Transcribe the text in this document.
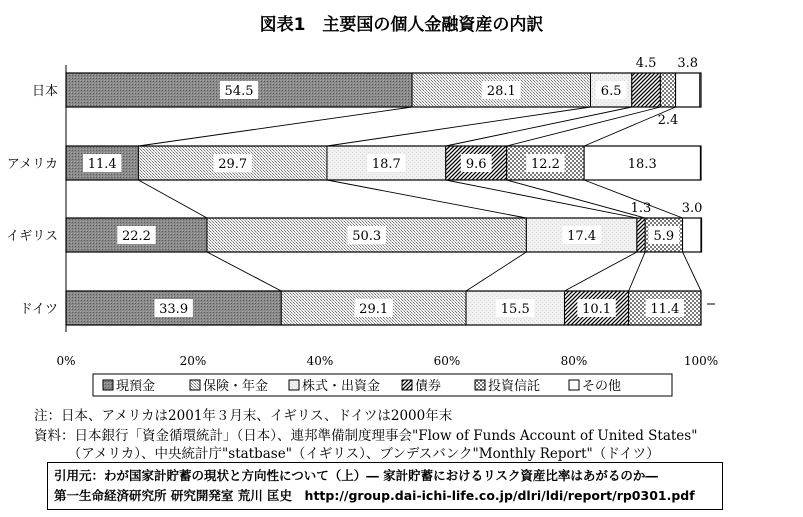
54.5	28.1	6.5
11.4	29.7	18.7	9.6	12.2	18.3
22.2	50.3	17.4	5.9
33.9	29.1	15.5	10.1	11.4
4.5
2.4
3.8
1.3 3.0
0%	20%	40%	60%	80%	100%
日本
アメリカ
イギリス
ドイツ
現預金	保険・年金	株式・出資金	債券	投資信託	その他
図表1　主要国の個人金融資産の内訳
注：日本、アメリカは2001年３月末、イギリス、ドイツは2000年末
資料：日本銀行「資金循環統計」（日本）、連邦準備制度理事会"Flow of Funds Account of United States"
　　　（アメリカ）、中央統計庁"statbase"（イギリス）、ブンデスバンク"Monthly Report"（ドイツ）
引用元：わが国家計貯蓄の現状と方向性について（上）― 家計貯蓄におけるリスク資産比率はあがるのか―
第一生命経済研究所 研究開発室 荒川 匡史　http://group.dai-ichi-life.co.jp/dlri/ldi/report/rp0301.pdf
